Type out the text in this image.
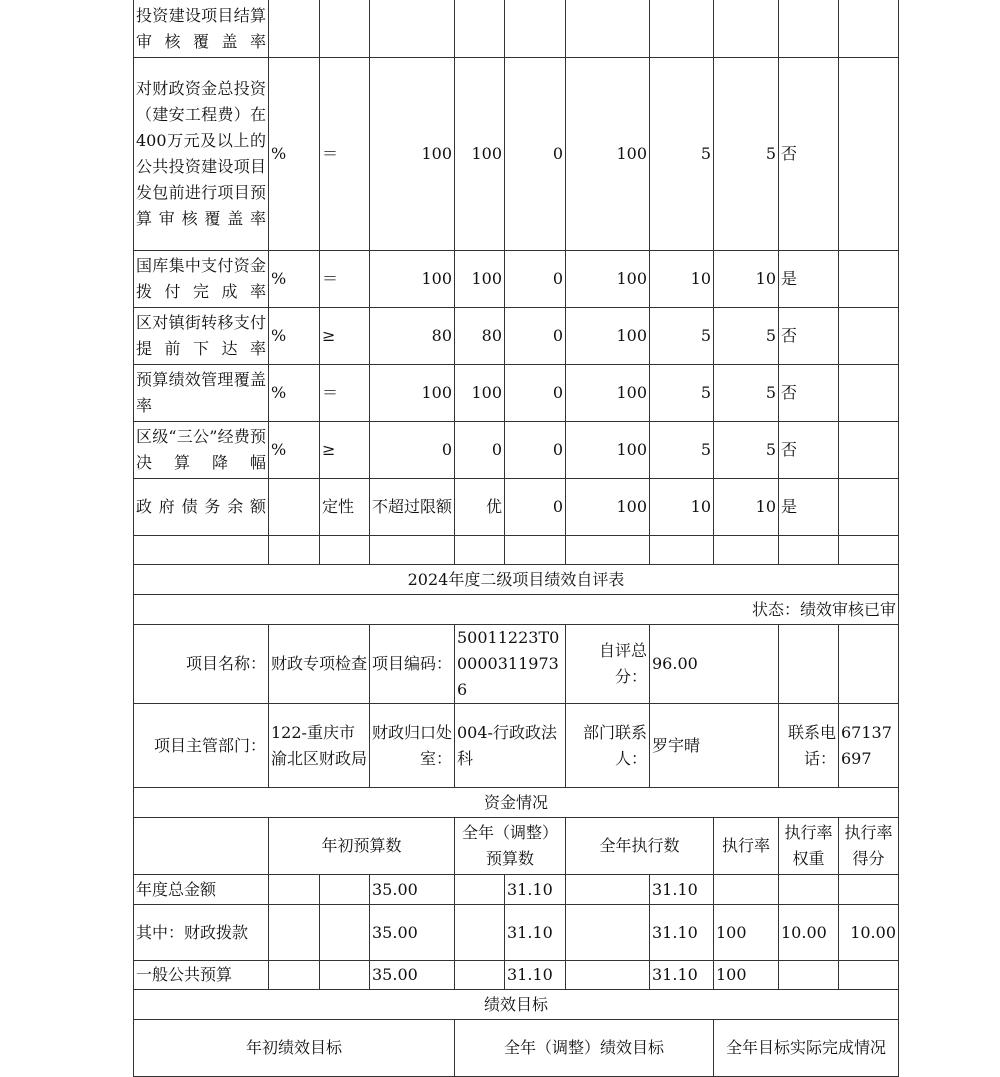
投资建设项目结算审核覆盖率										
对财政资金总投资（建安工程费）在400万元及以上的公共投资建设项目发包前进行项目预算审核覆盖率	%	＝	100	100	0	100	5	5	否	
国库集中支付资金拨付完成率	%	＝	100	100	0	100	10	10	是	
区对镇街转移支付提前下达率	%	≥	80	80	0	100	5	5	否	
预算绩效管理覆盖率	%	＝	100	100	0	100	5	5	否	
区级“三公”经费预决算降幅	%	≥	0	0	0	100	5	5	否	
政府债务余额		定性	不超过限额	优	0	100	10	10	是	

2024年度二级项目绩效自评表										
状态：绩效审核已审										
项目名称：	财政专项检查		项目编码：	50011223T000003119736		自评总分：	96.00			
项目主管部门：	122-重庆市渝北区财政局		财政归口处室：	004-行政政法科		部门联系人：	罗宇晴		联系电话：	67137697
资金情况										
	年初预算数			全年（调整）预算数		全年执行数		执行率	执行率权重	执行率得分
年度总金额			35.00		31.10		31.10			
其中：财政拨款			35.00		31.10		31.10	100	10.00	10.00
一般公共预算			35.00		31.10		31.10	100		
绩效目标										
年初绩效目标				全年（调整）绩效目标				全年目标实际完成情况		
